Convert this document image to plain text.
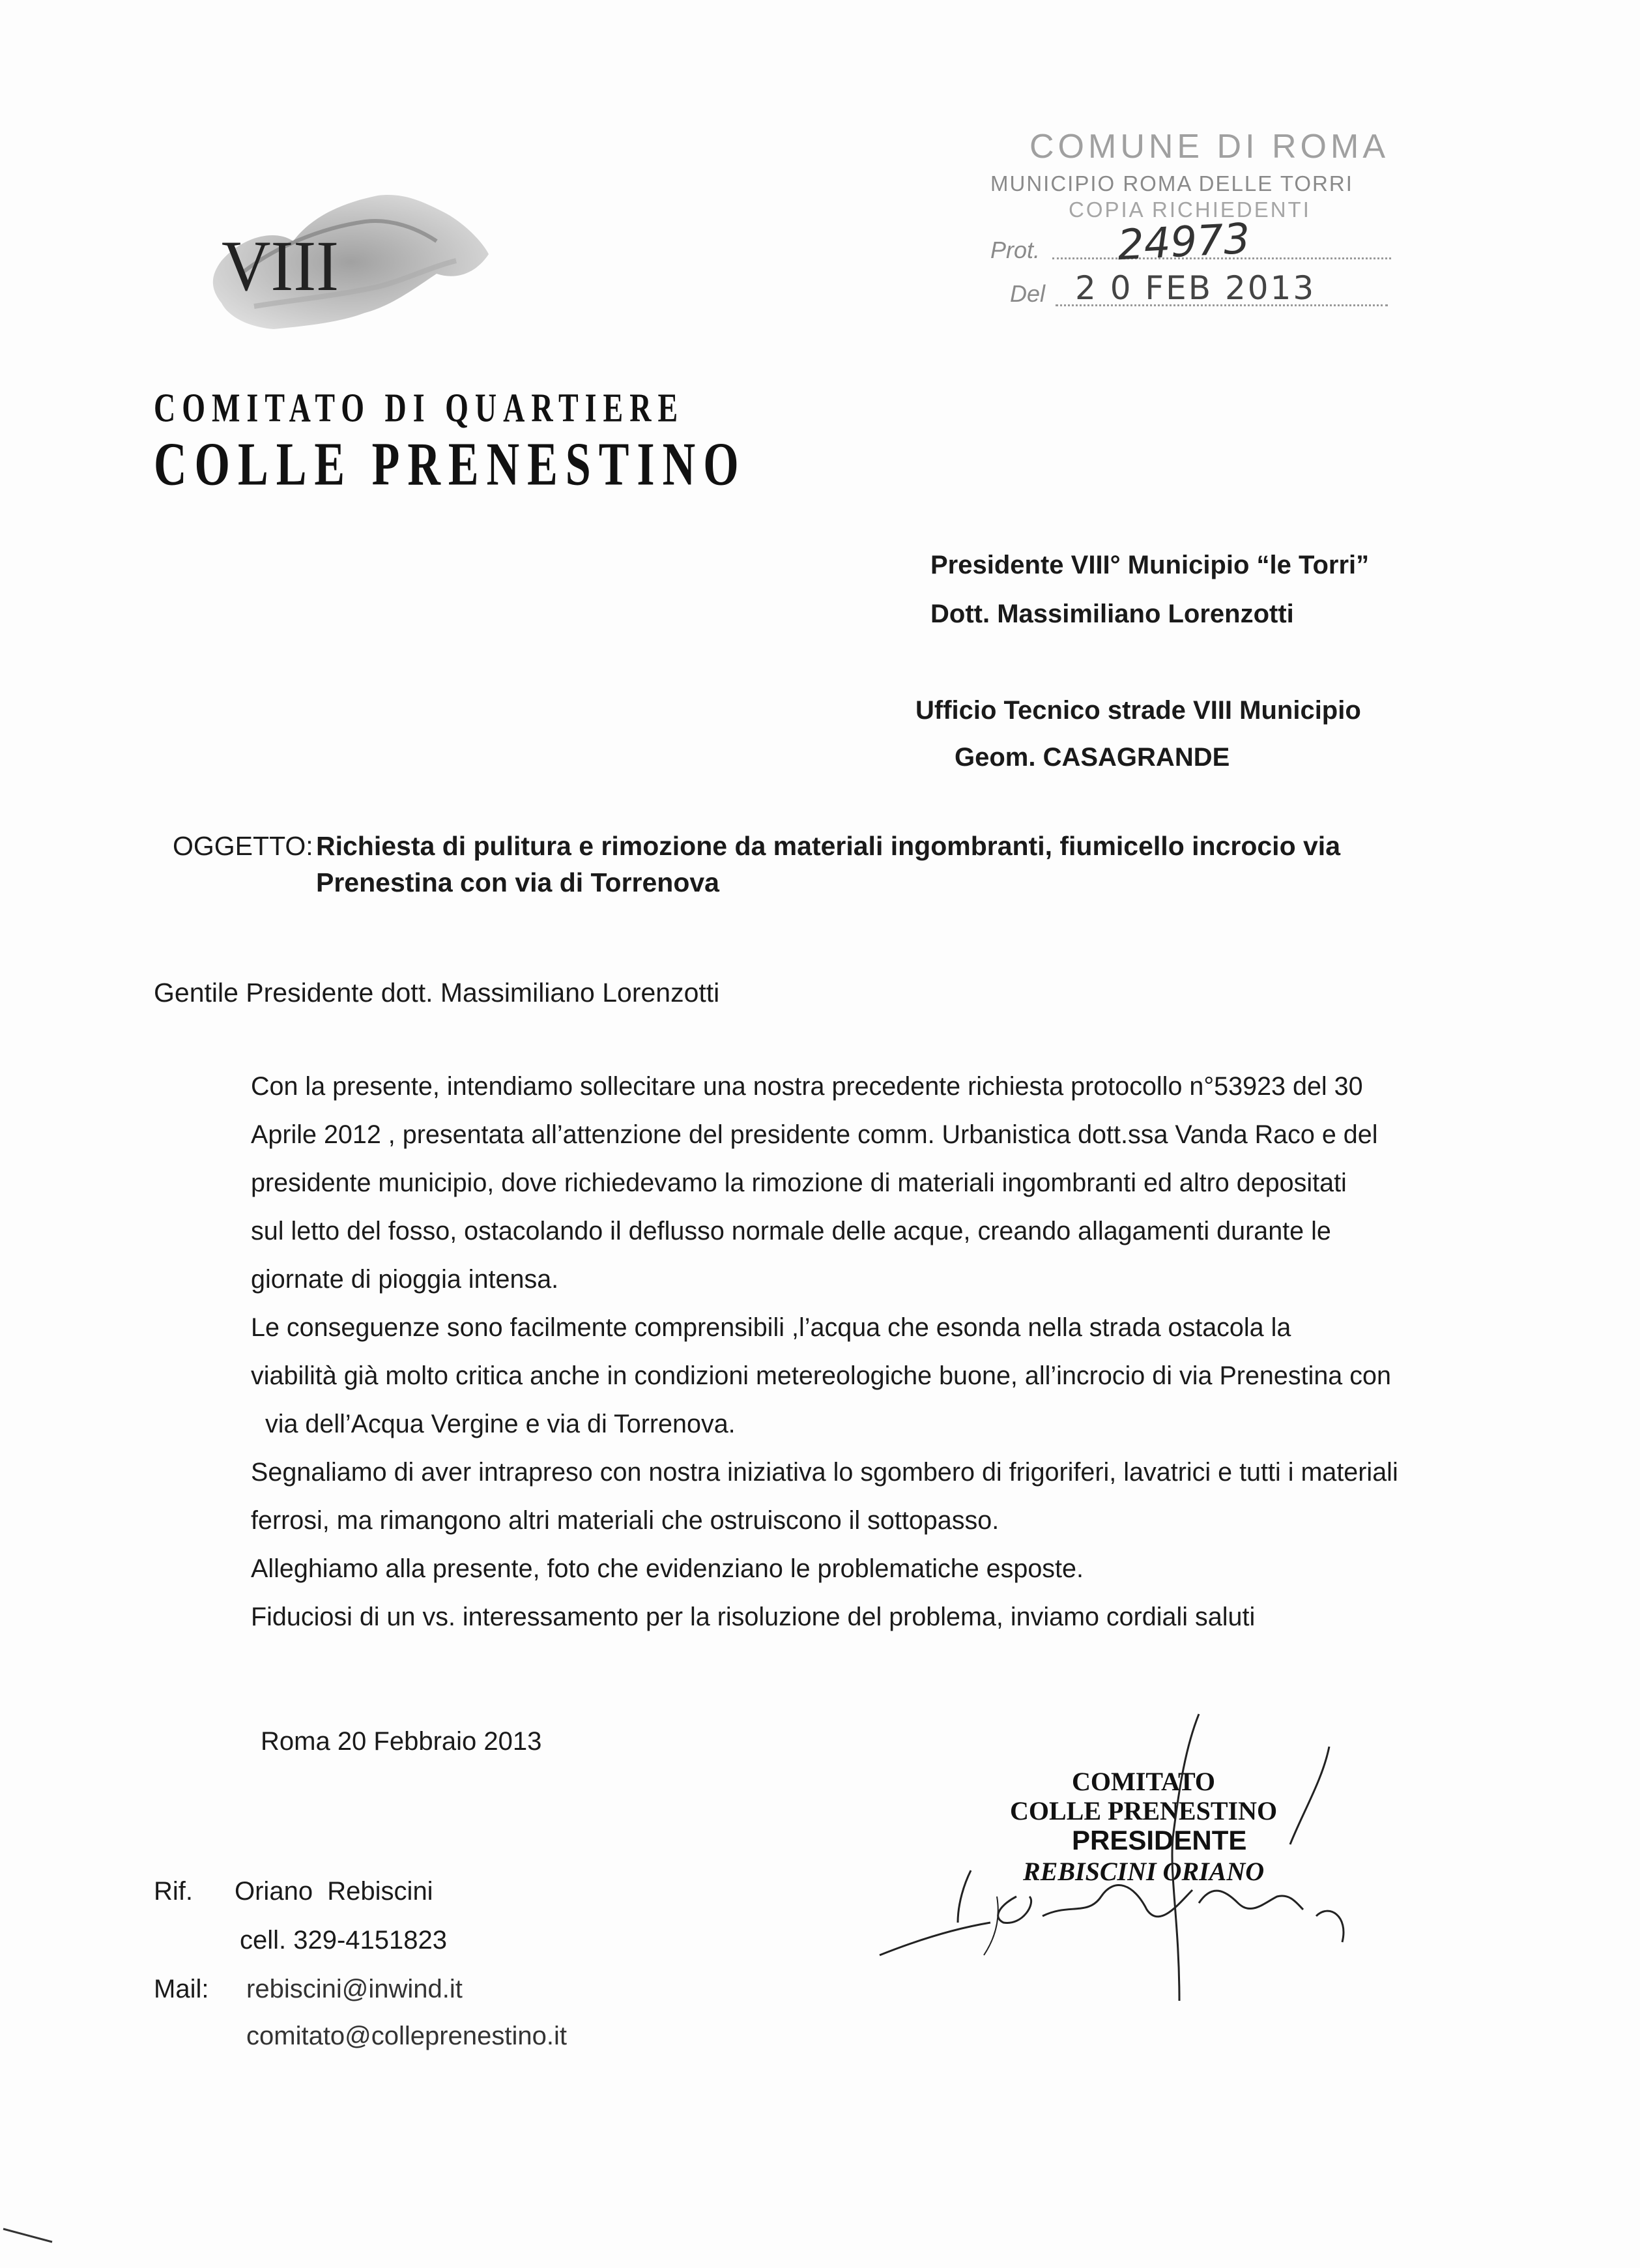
VIII
COMITATO DI QUARTIERE
COLLE PRENESTINO
COMUNE DI ROMA
MUNICIPIO ROMA DELLE TORRI
COPIA RICHIEDENTI
Prot. 24973
Del 2 0 FEB 2013
Presidente VIII° Municipio “le Torri”
Dott. Massimiliano Lorenzotti
Ufficio Tecnico strade VIII Municipio
Geom. CASAGRANDE
OGGETTO: Richiesta di pulitura e rimozione da materiali ingombranti, fiumicello incrocio via
Prenestina con via di Torrenova
Gentile Presidente dott. Massimiliano Lorenzotti
Con la presente, intendiamo sollecitare una nostra precedente richiesta protocollo n°53923 del 30
Aprile 2012 , presentata all’attenzione del presidente comm. Urbanistica dott.ssa Vanda Raco e del
presidente municipio, dove richiedevamo la rimozione di materiali ingombranti ed altro depositati
sul letto del fosso, ostacolando il deflusso normale delle acque, creando allagamenti durante le
giornate di pioggia intensa.
Le conseguenze sono facilmente comprensibili ,l’acqua che esonda nella strada ostacola la
viabilità già molto critica anche in condizioni metereologiche buone, all’incrocio di via Prenestina con
via dell’Acqua Vergine e via di Torrenova.
Segnaliamo di aver intrapreso con nostra iniziativa lo sgombero di frigoriferi, lavatrici e tutti i materiali
ferrosi, ma rimangono altri materiali che ostruiscono il sottopasso.
Alleghiamo alla presente, foto che evidenziano le problematiche esposte.
Fiduciosi di un vs. interessamento per la risoluzione del problema, inviamo cordiali saluti
Roma 20 Febbraio 2013
Rif. Oriano  Rebiscini
cell. 329-4151823
Mail: rebiscini@inwind.it
comitato@colleprenestino.it
COMITATO
COLLE PRENESTINO
PRESIDENTE
REBISCINI ORIANO
